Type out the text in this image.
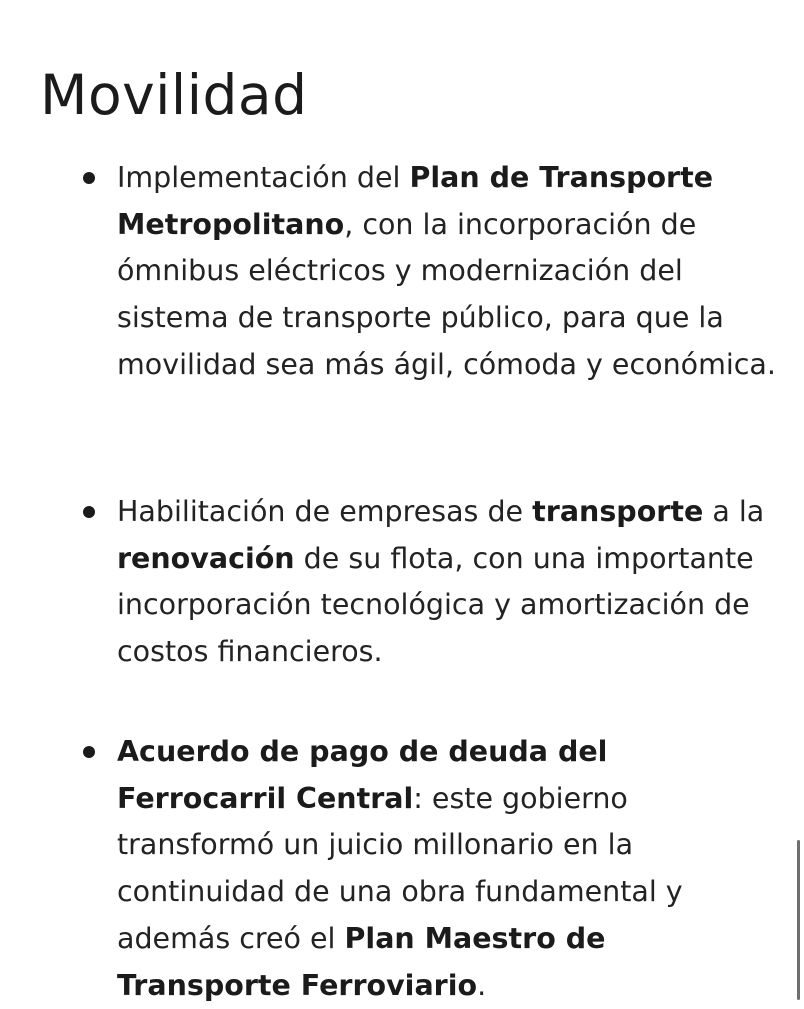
Movilidad
Implementación del Plan de Transporte Metropolitano, con la incorporación de ómnibus eléctricos y modernización del sistema de transporte público, para que la movilidad sea más ágil, cómoda y económica.
Habilitación de empresas de transporte a la renovación de su flota, con una importante incorporación tecnológica y amortización de costos financieros.
Acuerdo de pago de deuda del Ferrocarril Central: este gobierno transformó un juicio millonario en la continuidad de una obra fundamental y además creó el Plan Maestro de Transporte Ferroviario.
